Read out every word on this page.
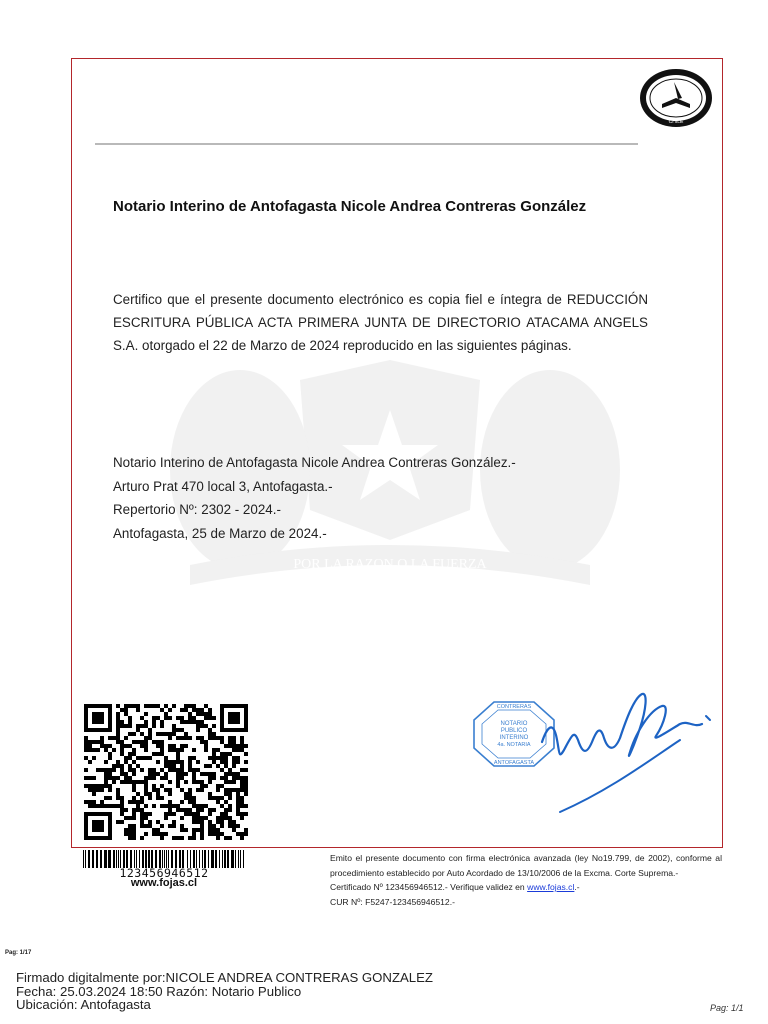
POR LA RAZON O LA FUERZA
CHILE
Notario Interino de Antofagasta Nicole Andrea Contreras González

Certifico que el presente documento electrónico es copia fiel e íntegra de REDUCCIÓN ESCRITURA PÚBLICA ACTA PRIMERA JUNTA DE DIRECTORIO ATACAMA ANGELS S.A. otorgado el 22 de Marzo de 2024 reproducido en las siguientes páginas.

Notario Interino de Antofagasta Nicole Andrea Contreras González.-
Arturo Prat 470 local 3, Antofagasta.-
Repertorio Nº: 2302 - 2024.-
Antofagasta, 25 de Marzo de 2024.-
123456946512
www.fojas.cl
CONTRERAS
NOTARIO
PUBLICO
INTERINO
4a. NOTARIA
ANTOFAGASTA

Emito el presente documento con firma electrónica avanzada (ley No19.799, de 2002), conforme al procedimiento establecido por Auto Acordado de 13/10/2006 de la Excma. Corte Suprema.-

Certificado Nº 123456946512.- Verifique validez en www.fojas.cl.-

CUR Nº: F5247-123456946512.-

Pag: 1/17
Firmado digitalmente por:NICOLE ANDREA CONTRERAS GONZALEZ
Fecha: 25.03.2024 18:50 Razón: Notario Publico
Ubicación: Antofagasta	Pag: 1/1
